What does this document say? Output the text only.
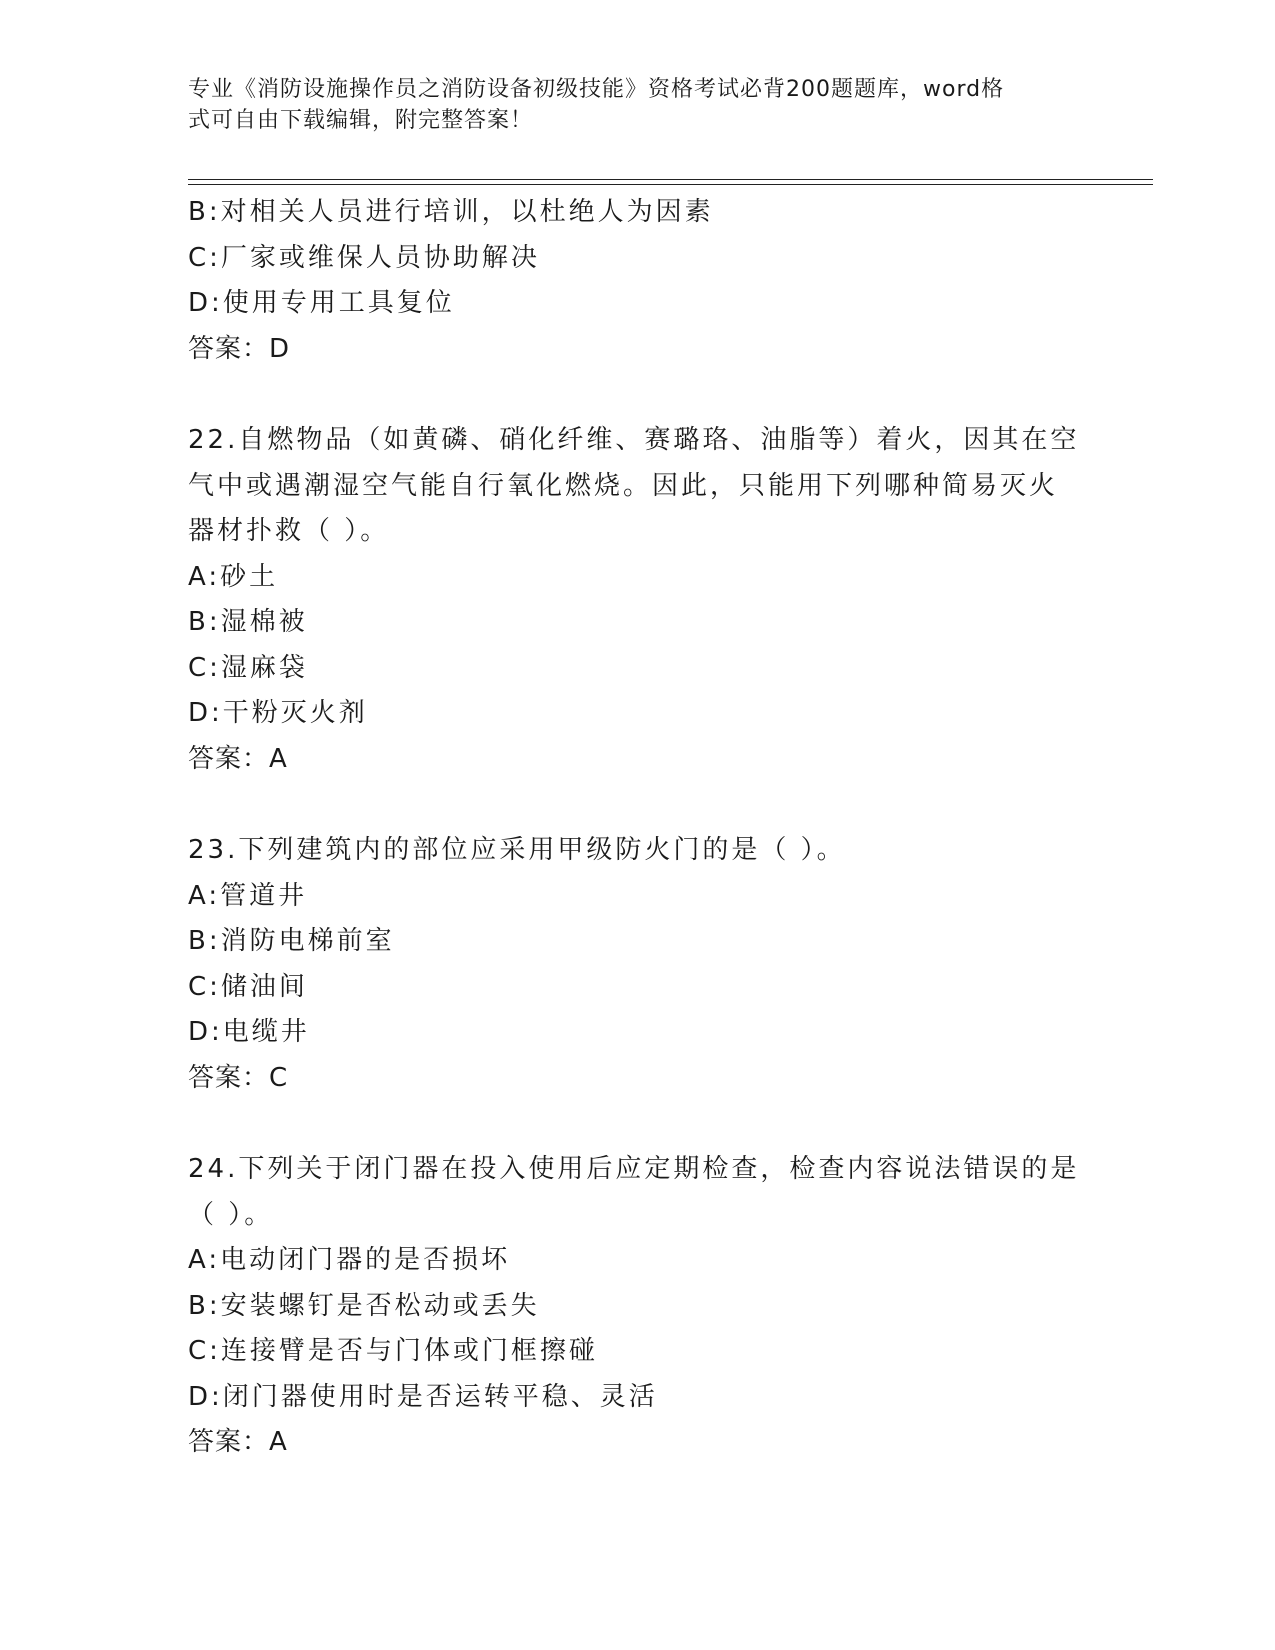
专业《消防设施操作员之消防设备初级技能》资格考试必背200题题库，word格
式可自由下载编辑，附完整答案！
B:对相关人员进行培训，以杜绝人为因素
C:厂家或维保人员协助解决
D:使用专用工具复位
答案：D
22.自燃物品（如黄磷、硝化纤维、赛璐珞、油脂等）着火，因其在空
气中或遇潮湿空气能自行氧化燃烧。因此，只能用下列哪种简易灭火
器材扑救（ ）。
A:砂土
B:湿棉被
C:湿麻袋
D:干粉灭火剂
答案：A
23.下列建筑内的部位应采用甲级防火门的是（ ）。
A:管道井
B:消防电梯前室
C:储油间
D:电缆井
答案：C
24.下列关于闭门器在投入使用后应定期检查，检查内容说法错误的是
（ ）。
A:电动闭门器的是否损坏
B:安装螺钉是否松动或丢失
C:连接臂是否与门体或门框擦碰
D:闭门器使用时是否运转平稳、灵活
答案：A
